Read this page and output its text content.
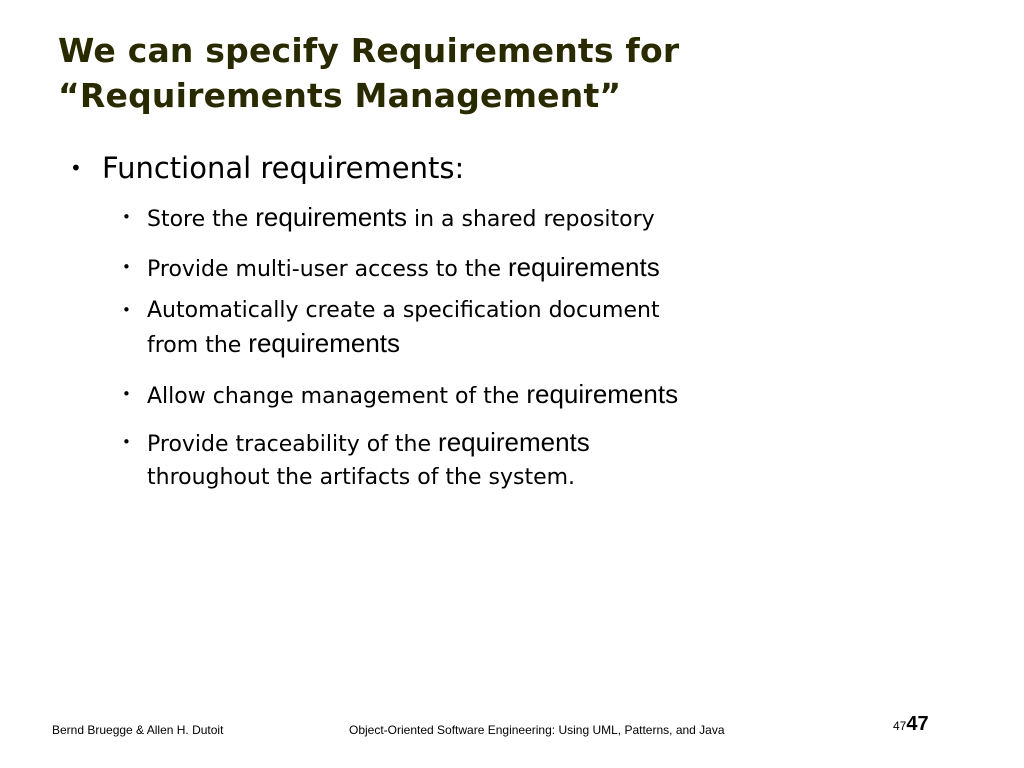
We can specify Requirements for
“Requirements Management”
• Functional requirements:
• Store the requirements in a shared repository
• Provide multi-user access to the requirements
• Automatically create a specification document
from the requirements
• Allow change management of the requirements
• Provide traceability of the requirements
throughout the artifacts of the system.
Bernd Bruegge & Allen H. Dutoit	Object-Oriented Software Engineering: Using UML, Patterns, and Java	4747
